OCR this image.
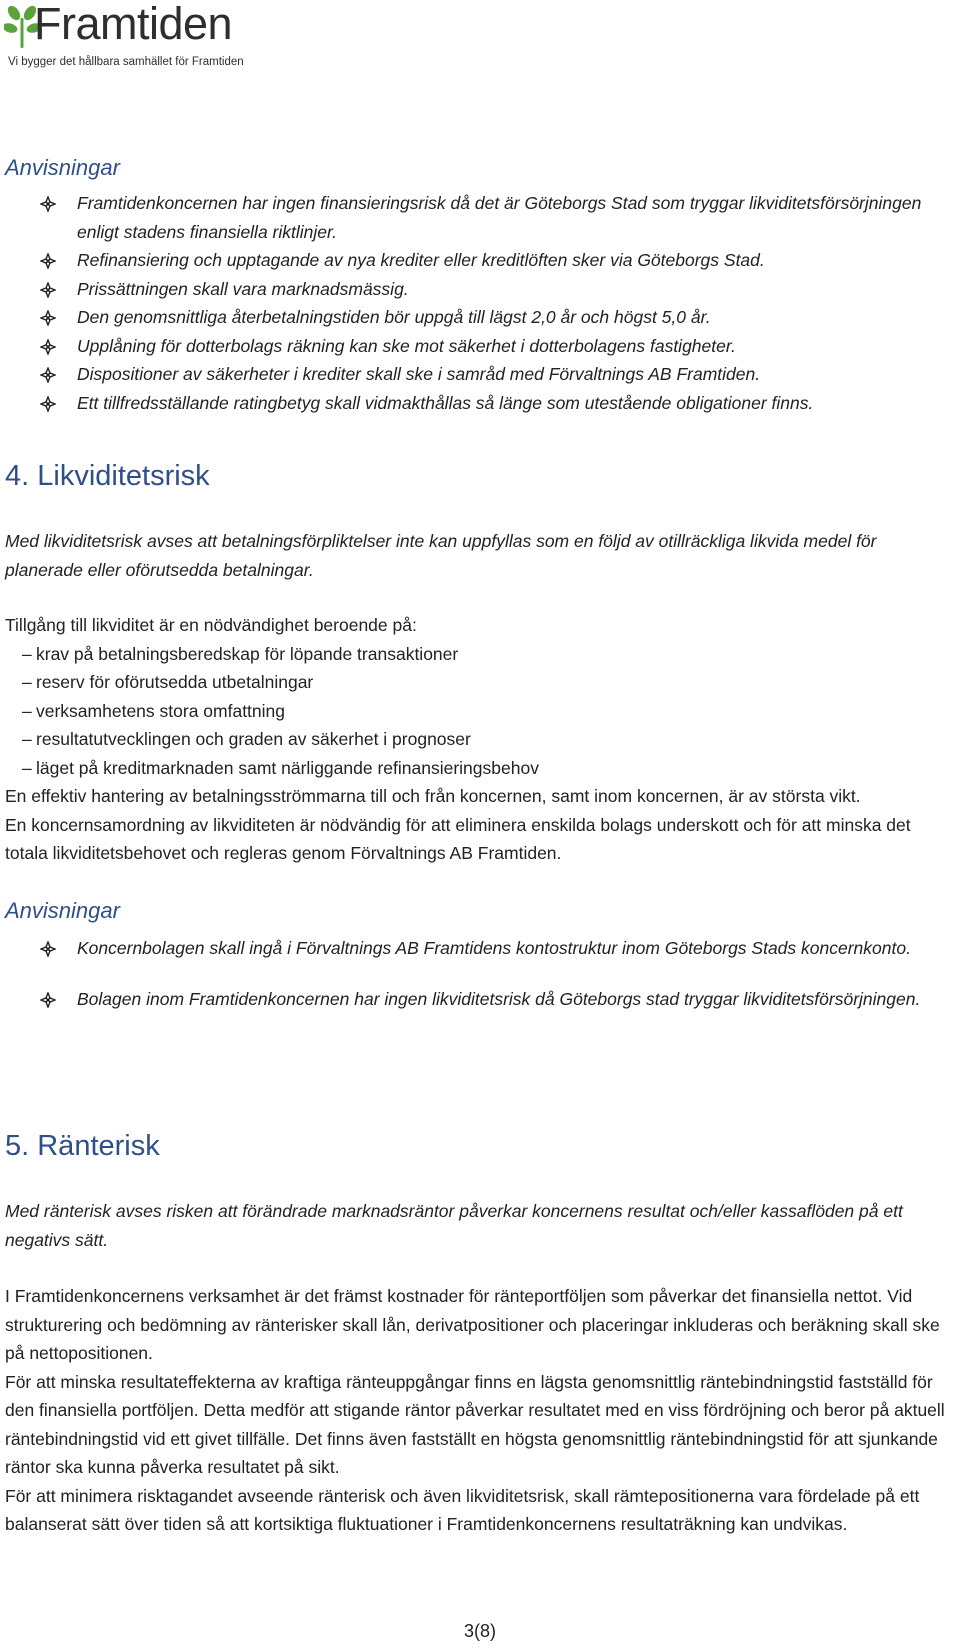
Framtiden
Vi bygger det hållbara samhället för Framtiden
Anvisningar
Framtidenkoncernen har ingen finansieringsrisk då det är Göteborgs Stad som tryggar likviditetsförsörjningen enligt stadens finansiella riktlinjer.
Refinansiering och upptagande av nya krediter eller kreditlöften sker via Göteborgs Stad.
Prissättningen skall vara marknadsmässig.
Den genomsnittliga återbetalningstiden bör uppgå till lägst 2,0 år och högst 5,0 år.
Upplåning för dotterbolags räkning kan ske mot säkerhet i dotterbolagens fastigheter.
Dispositioner av säkerheter i krediter skall ske i samråd med Förvaltnings AB Framtiden.
Ett tillfredsställande ratingbetyg skall vidmakthållas så länge som utestående obligationer finns.
4. Likviditetsrisk
Med likviditetsrisk avses att betalningsförpliktelser inte kan uppfyllas som en följd av otillräckliga likvida medel för planerade eller oförutsedda betalningar.

Tillgång till likviditet är en nödvändighet beroende på:

– krav på betalningsberedskap för löpande transaktioner
– reserv för oförutsedda utbetalningar
– verksamhetens stora omfattning
– resultatutvecklingen och graden av säkerhet i prognoser
– läget på kreditmarknaden samt närliggande refinansieringsbehov

En effektiv hantering av betalningsströmmarna till och från koncernen, samt inom koncernen, är av största vikt.

En koncernsamordning av likviditeten är nödvändig för att eliminera enskilda bolags underskott och för att minska det totala likviditetsbehovet och regleras genom Förvaltnings AB Framtiden.

Anvisningar
Koncernbolagen skall ingå i Förvaltnings AB Framtidens kontostruktur inom Göteborgs Stads koncernkonto.
Bolagen inom Framtidenkoncernen har ingen likviditetsrisk då Göteborgs stad tryggar likviditetsförsörjningen.
5. Ränterisk
Med ränterisk avses risken att förändrade marknadsräntor påverkar koncernens resultat och/eller kassaflöden på ett negativs sätt.

I Framtidenkoncernens verksamhet är det främst kostnader för ränteportföljen som påverkar det finansiella nettot. Vid strukturering och bedömning av ränterisker skall lån, derivatpositioner och placeringar inkluderas och beräkning skall ske på nettopositionen.

För att minska resultateffekterna av kraftiga ränteuppgångar finns en lägsta genomsnittlig räntebindningstid fastställd för den finansiella portföljen. Detta medför att stigande räntor påverkar resultatet med en viss fördröjning och beror på aktuell räntebindningstid vid ett givet tillfälle. Det finns även fastställt en högsta genomsnittlig räntebindningstid för att sjunkande räntor ska kunna påverka resultatet på sikt.

För att minimera risktagandet avseende ränterisk och även likviditetsrisk, skall rämtepositionerna vara fördelade på ett balanserat sätt över tiden så att kortsiktiga fluktuationer i Framtidenkoncernens resultaträkning kan undvikas.

3(8)
